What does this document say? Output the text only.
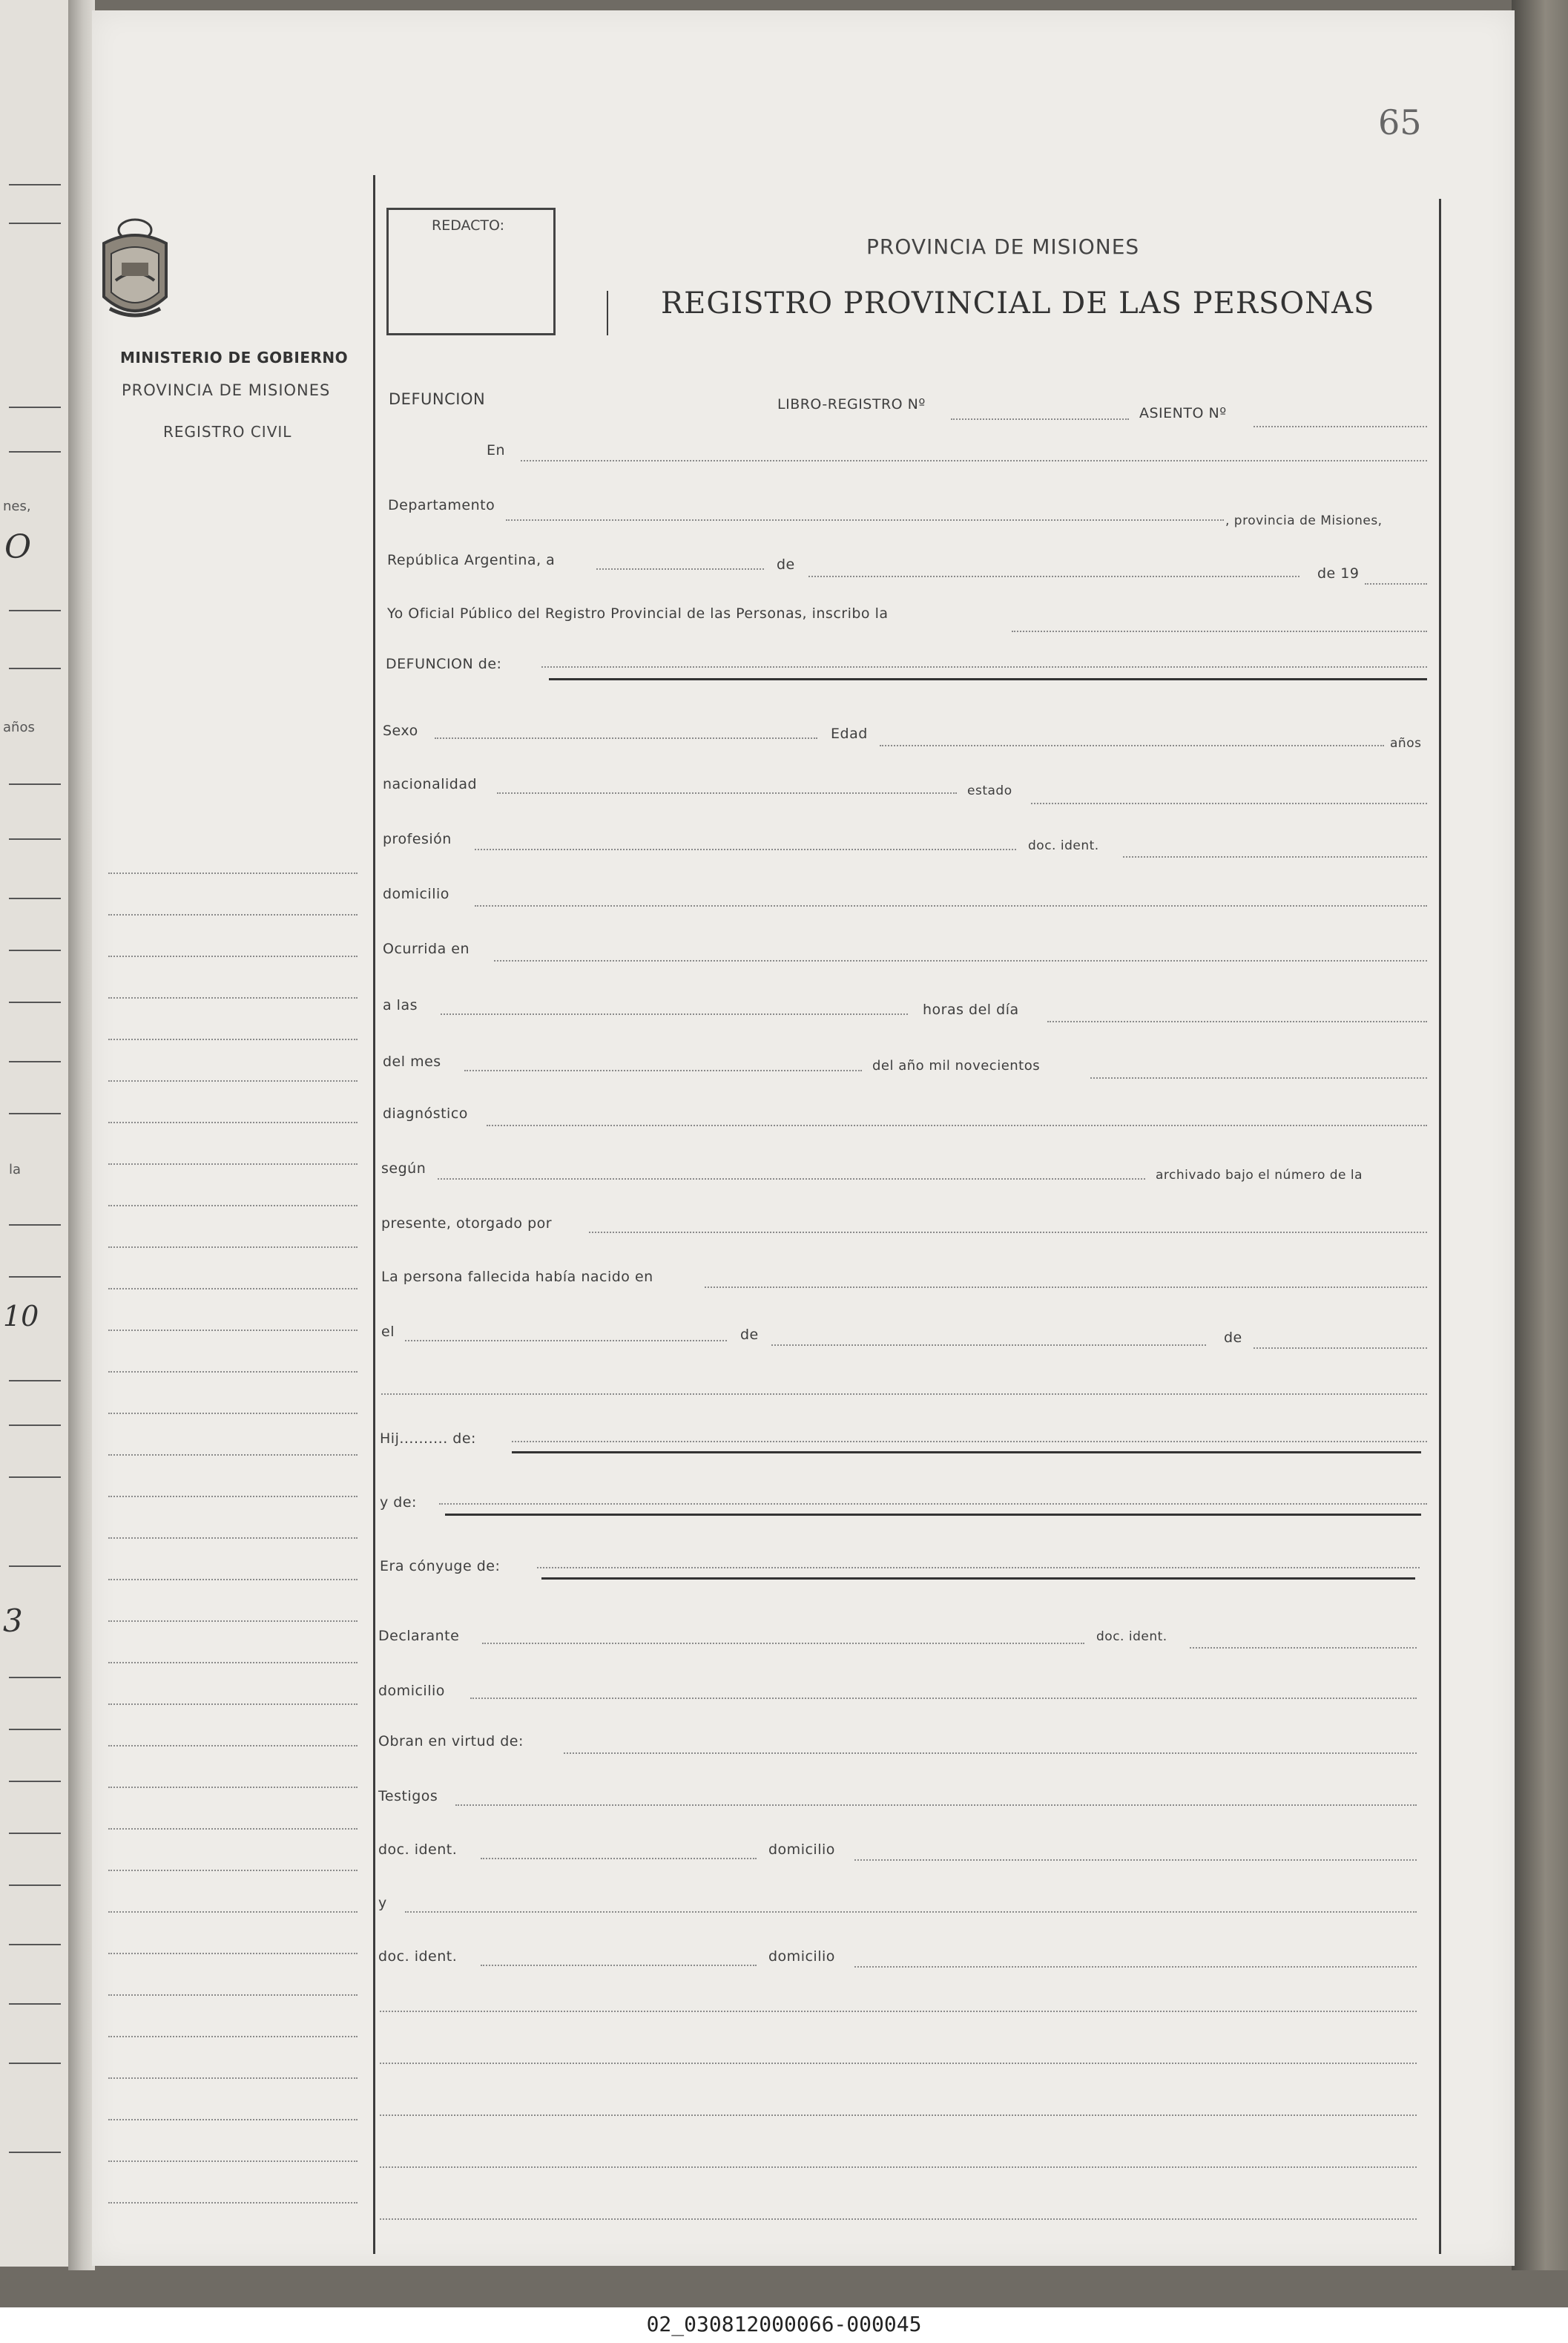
nes,
O
años
la
10
3
65
MINISTERIO DE GOBIERNO
PROVINCIA DE MISIONES
REGISTRO CIVIL
REDACTO:
PROVINCIA DE MISIONES
REGISTRO PROVINCIAL DE LAS PERSONAS
DEFUNCION	LIBRO-REGISTRO Nº
ASIENTO Nº
En
Departamento
, provincia de Misiones,
República Argentina, a	de
de 19
Yo Oficial Público del Registro Provincial de las Personas, inscribo la
DEFUNCION de:
Sexo	Edad
años
nacionalidad	estado
profesión	doc. ident.
domicilio
Ocurrida en
a las	horas del día
del mes	del año mil novecientos
diagnóstico
según	archivado bajo el número de la
presente, otorgado por
La persona fallecida había nacido en
el	de	de
Hij.......... de:
y de:
Era cónyuge de:
Declarante	doc. ident.
domicilio
Obran en virtud de:
Testigos
doc. ident.	domicilio
y
doc. ident.	domicilio
02_030812000066-000045
